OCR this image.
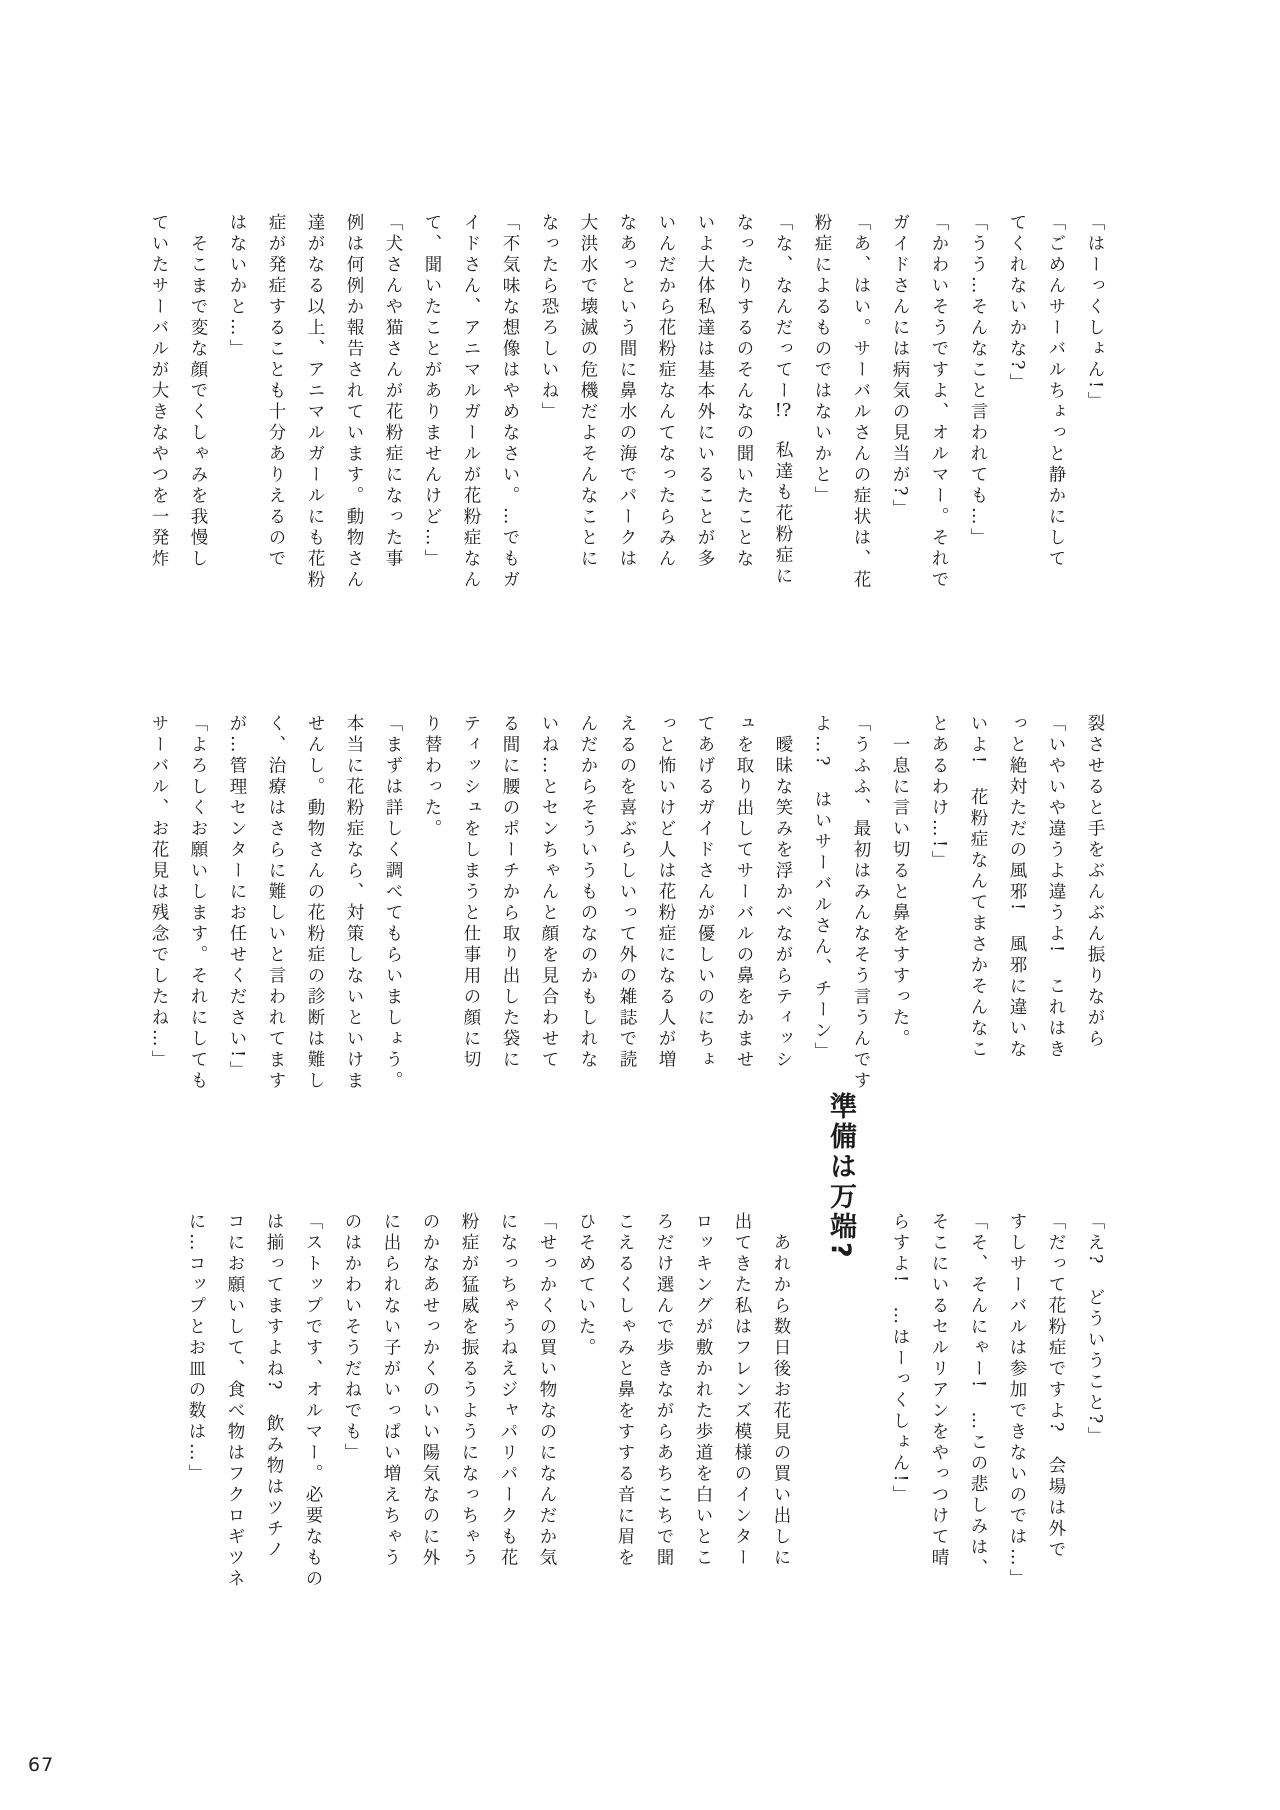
「はーっくしょん!」

「ごめんサーバルちょっと静かにして

てくれないかな?」

「うう…そんなこと言われても…」

「かわいそうですよ、オルマー。それで

ガイドさんには病気の見当が?」

「あ、はい。サーバルさんの症状は、花

粉症によるものではないかと」

「な、なんだってー!?　私達も花粉症に

なったりするのそんなの聞いたことな

いよ大体私達は基本外にいることが多

いんだから花粉症なんてなったらみん

なあっという間に鼻水の海でパークは

大洪水で壊滅の危機だよそんなことに

なったら恐ろしいね」

「不気味な想像はやめなさい。…でもガ

イドさん、アニマルガールが花粉症なん

て、聞いたことがありませんけど…」

「犬さんや猫さんが花粉症になった事

例は何例か報告されています。動物さん

達がなる以上、アニマルガールにも花粉

症が発症することも十分ありえるので

はないかと…」

　そこまで変な顔でくしゃみを我慢し

ていたサーバルが大きなやつを一発炸

裂させると手をぶんぶん振りながら

「いやいや違うよ違うよ!　これはき

っと絶対ただの風邪!　風邪に違いな

いよ!　花粉症なんてまさかそんなこ

とあるわけ…!」

　一息に言い切ると鼻をすすった。

「うふふ、最初はみんなそう言うんです

よ…?　はいサーバルさん、チーン」

　曖昧な笑みを浮かべながらティッシ

ュを取り出してサーバルの鼻をかませ

てあげるガイドさんが優しいのにちょ

っと怖いけど人は花粉症になる人が増

えるのを喜ぶらしいって外の雑誌で読

んだからそういうものなのかもしれな

いね…とセンちゃんと顔を見合わせて

る間に腰のポーチから取り出した袋に

ティッシュをしまうと仕事用の顔に切

り替わった。

「まずは詳しく調べてもらいましょう。

本当に花粉症なら、対策しないといけま

せんし。動物さんの花粉症の診断は難し

く、治療はさらに難しいと言われてます

が…管理センターにお任せください!」

「よろしくお願いします。それにしても

サーバル、お花見は残念でしたね…」

「え?　どういうこと?」

「だって花粉症ですよ?　会場は外で

すしサーバルは参加できないのでは…」

「そ、そんにゃー!　…この悲しみは、

そこにいるセルリアンをやっつけて晴

らすよ!　…はーっくしょん!」

準備は万端?

　あれから数日後お花見の買い出しに

出てきた私はフレンズ模様のインター

ロッキングが敷かれた歩道を白いとこ

ろだけ選んで歩きながらあちこちで聞

こえるくしゃみと鼻をすする音に眉を

ひそめていた。

「せっかくの買い物なのになんだか気

になっちゃうねえジャパリパークも花

粉症が猛威を振るうようになっちゃう

のかなあせっかくのいい陽気なのに外

に出られない子がいっぱい増えちゃう

のはかわいそうだねでも」

「ストップです、オルマー。必要なもの

は揃ってますよね?　飲み物はツチノ

コにお願いして、食べ物はフクロギツネ

に…コップとお皿の数は…」

67
